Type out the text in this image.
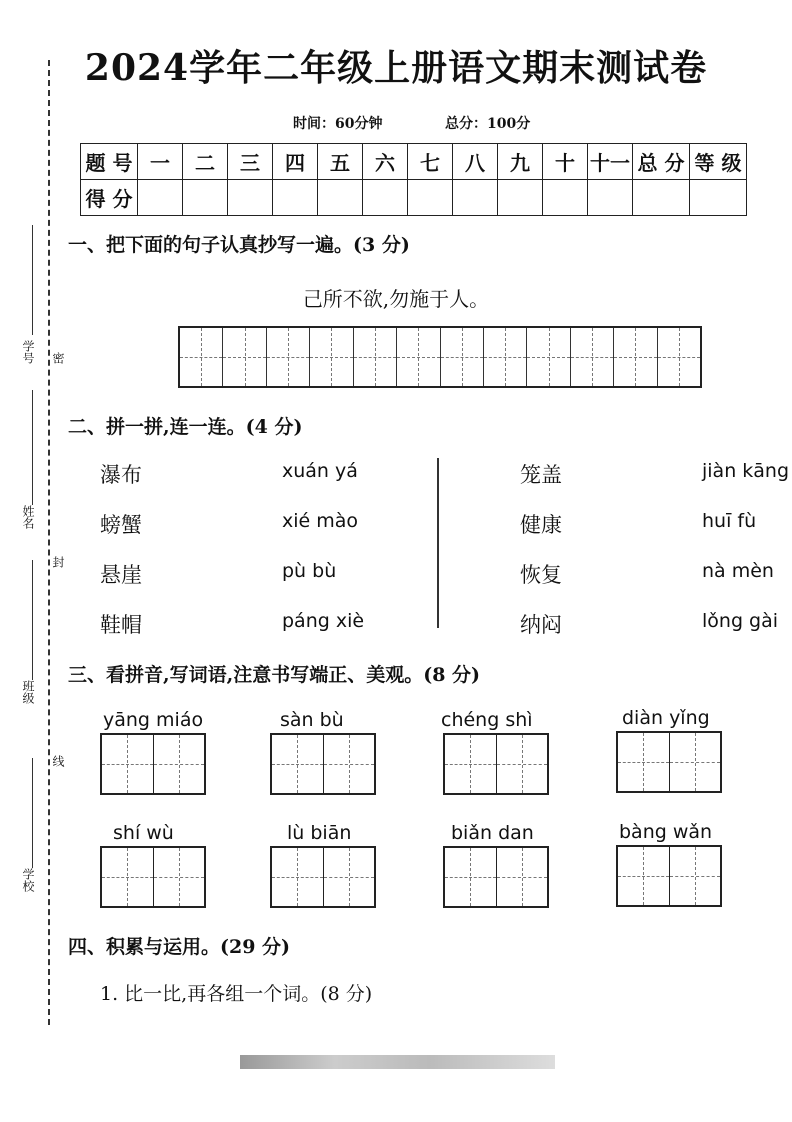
学号 密
姓名
封
班级
线
学校
2024学年二年级上册语文期末测试卷
时间：60分钟	总分：100分
题 号	一	二	三	四	五	六	七	八	九	十	十一	总 分	等 级
得 分													
一、把下面的句子认真抄写一遍。(3 分)
己所不欲,勿施于人。
二、拼一拼,连一连。(4 分)
瀑布
螃蟹
悬崖
鞋帽
xuán yá
xié mào
pù bù
páng xiè
笼盖
健康
恢复
纳闷
jiàn kāng
huī fù
nà mèn
lǒng gài
三、看拼音,写词语,注意书写端正、美观。(8 分)
yāng miáo	sàn bù	chéng shì	diàn yǐng
shí wù	lù biān	biǎn dan	bàng wǎn
四、积累与运用。(29 分)
1. 比一比,再各组一个词。(8 分)
